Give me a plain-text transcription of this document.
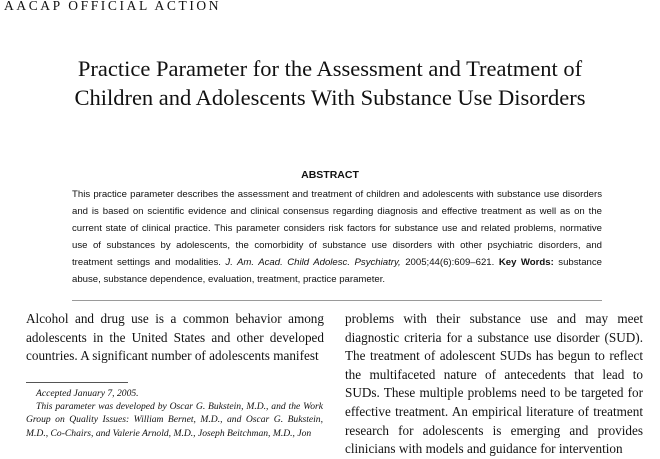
AACAP OFFICIAL ACTION
Practice Parameter for the Assessment and Treatment of
Children and Adolescents With Substance Use Disorders
ABSTRACT

This practice parameter describes the assessment and treatment of children and adolescents with substance use disorders and is based on scientific evidence and clinical consensus regarding diagnosis and effective treatment as well as on the current state of clinical practice. This parameter considers risk factors for substance use and related problems, normative use of substances by adolescents, the comorbidity of substance use disorders with other psychiatric disorders, and treatment settings and modalities. J. Am. Acad. Child Adolesc. Psychiatry, 2005;44(6):609–621. Key Words: substance abuse, substance dependence, evaluation, treatment, practice parameter.

Alcohol and drug use is a common behavior among adolescents in the United States and other developed countries. A significant number of adolescents manifest

problems with their substance use and may meet diagnostic criteria for a substance use disorder (SUD). The treatment of adolescent SUDs has begun to reflect the multifaceted nature of antecedents that lead to SUDs. These multiple problems need to be targeted for effective treatment. An empirical literature of treatment research for adolescents is emerging and provides clinicians with models and guidance for intervention

Accepted January 7, 2005.

This parameter was developed by Oscar G. Bukstein, M.D., and the Work Group on Quality Issues: William Bernet, M.D., and Oscar G. Bukstein, M.D., Co-Chairs, and Valerie Arnold, M.D., Joseph Beitchman, M.D., Jon
